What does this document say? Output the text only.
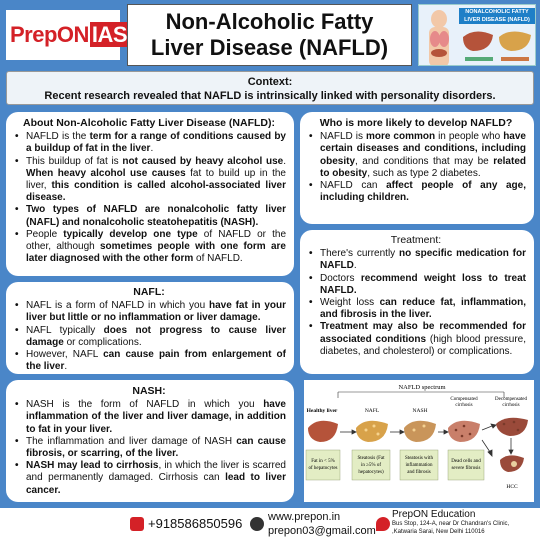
PrepON IAS
Non-Alcoholic Fatty
Liver Disease (NAFLD)
NONALCOHOLIC FATTY LIVER DISEASE (NAFLD)
Context:
Recent research revealed that NAFLD is intrinsically linked with personality disorders.
About Non-Alcoholic Fatty Liver Disease (NAFLD):
• NAFLD is the term for a range of conditions caused by a buildup of fat in the liver.
• This buildup of fat is not caused by heavy alcohol use. When heavy alcohol use causes fat to build up in the liver, this condition is called alcohol-associated liver disease.
• Two types of NAFLD are nonalcoholic fatty liver (NAFL) and nonalcoholic steatohepatitis (NASH).
• People typically develop one type of NAFLD or the other, although sometimes people with one form are later diagnosed with the other form of NAFLD.
NAFL:
• NAFL is a form of NAFLD in which you have fat in your liver but little or no inflammation or liver damage.
• NAFL typically does not progress to cause liver damage or complications.
• However, NAFL can cause pain from enlargement of the liver.
NASH:
• NASH is the form of NAFLD in which you have inflammation of the liver and liver damage, in addition to fat in your liver.
• The inflammation and liver damage of NASH can cause fibrosis, or scarring, of the liver.
• NASH may lead to cirrhosis, in which the liver is scarred and permanently damaged. Cirrhosis can lead to liver cancer.
Who is more likely to develop NAFLD?
• NAFLD is more common in people who have certain diseases and conditions, including obesity, and conditions that may be related to obesity, such as type 2 diabetes.
• NAFLD can affect people of any age, including children.
Treatment:
• There's currently no specific medication for NAFLD.
• Doctors recommend weight loss to treat NAFLD.
• Weight loss can reduce fat, inflammation, and fibrosis in the liver.
• Treatment may also be recommended for associated conditions (high blood pressure, diabetes, and cholesterol) or complications.
NAFLD spectrum
Healthy liver	NAFL	NASH
Compensated cirrhosis
Decompensated cirrhosis
Fat in < 5% of hepatocytes
Steatosis (Fat in ≥5% of hepatocytes)
Steatosis with inflammation and fibrosis
Dead cells and severe fibrosis
HCC
+918586850596 www.prepon.in
prepon03@gmail.com
PrepON Education
Bus Stop, 124-A, near Dr Chandran's Clinic,
,Katwaria Sarai, New Delhi 110016
